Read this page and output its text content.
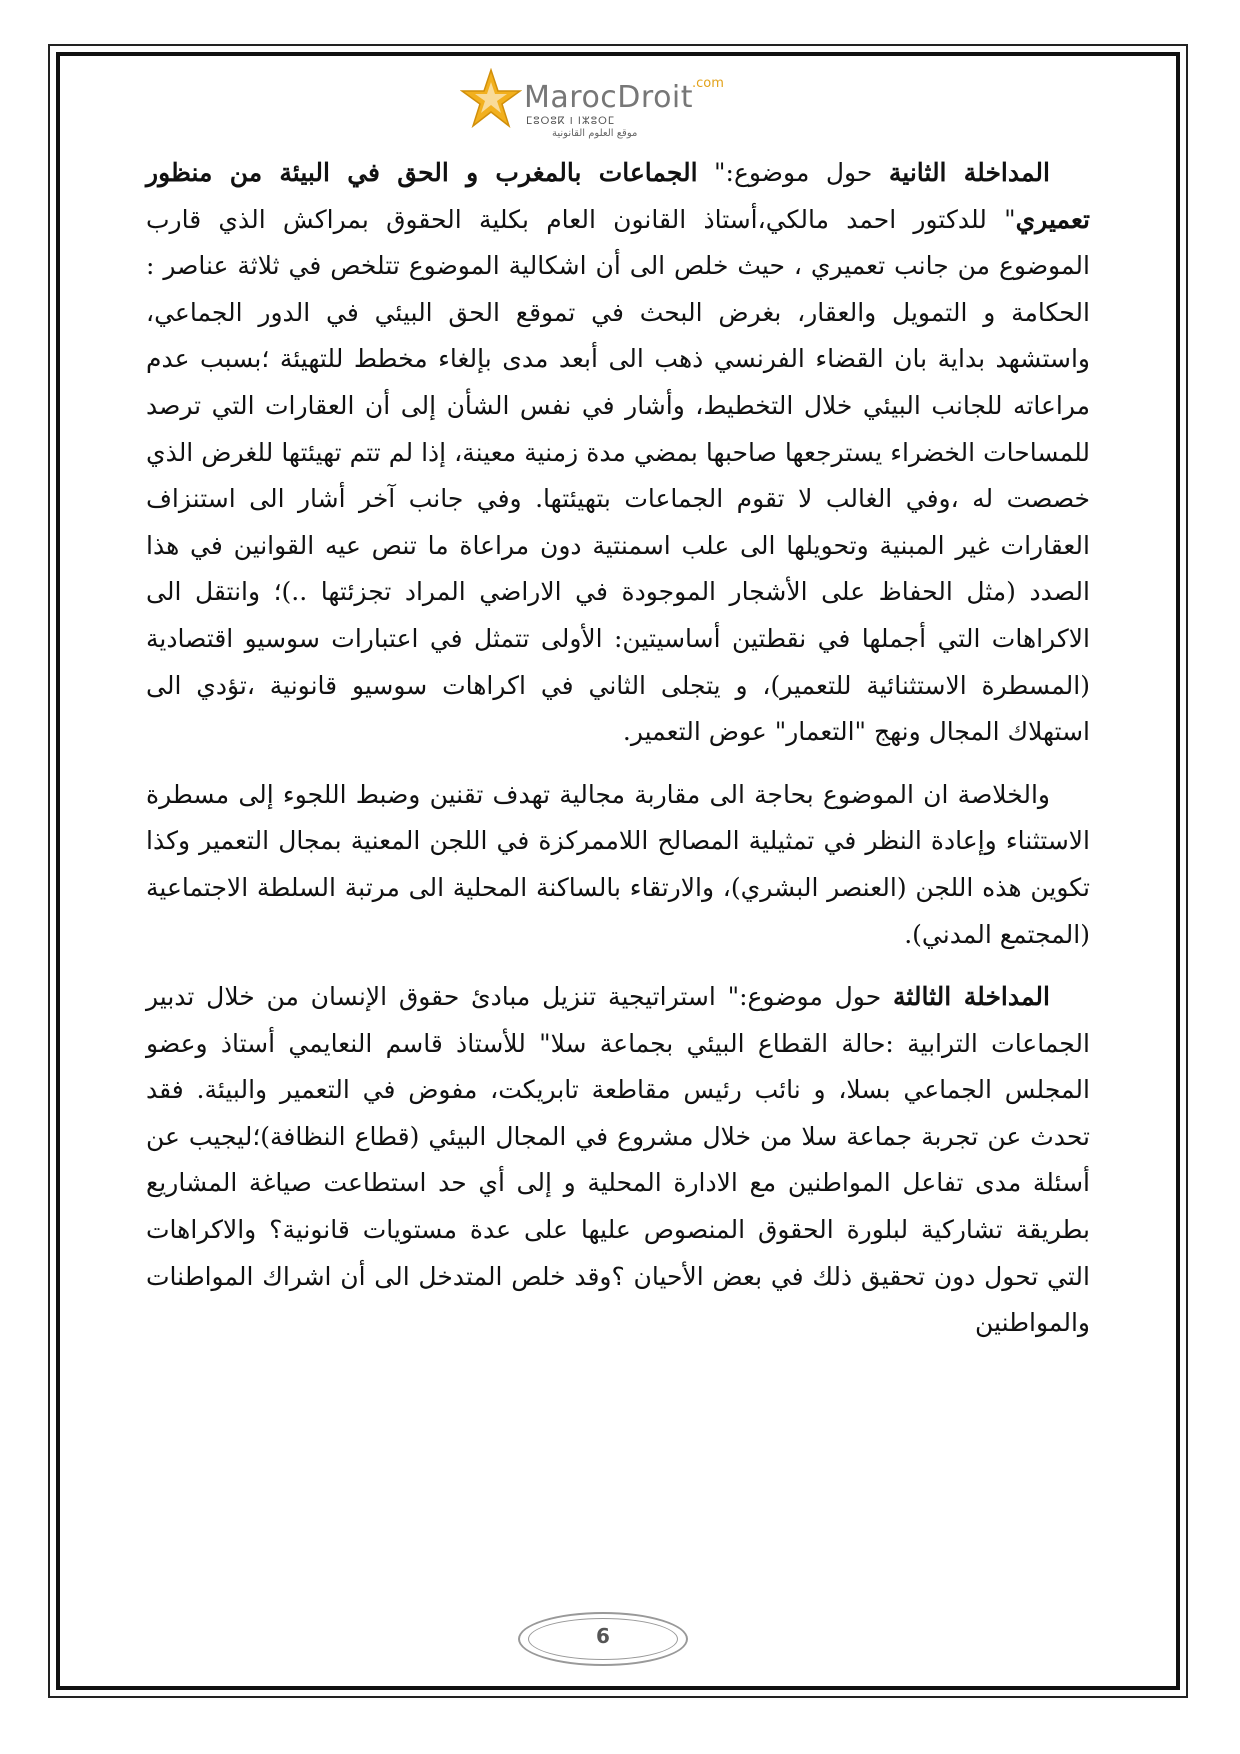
MarocDroit
.com
ⵎⵓⵔⵓⴽ I ⵏⵣⵓⵔⵎ
موقع العلوم القانونية

المداخلة الثانية حول موضوع:" الجماعات بالمغرب و الحق في البيئة من منظور تعميري" للدكتور احمد مالكي،أستاذ القانون العام بكلية الحقوق بمراكش الذي قارب الموضوع من جانب تعميري ، حيث خلص الى أن اشكالية الموضوع تتلخص في ثلاثة عناصر : الحكامة و التمويل والعقار، بغرض البحث في تموقع الحق البيئي في الدور الجماعي، واستشهد بداية بان القضاء الفرنسي ذهب الى أبعد مدى بإلغاء مخطط للتهيئة ؛بسبب عدم مراعاته للجانب البيئي خلال التخطيط، وأشار في نفس الشأن إلى أن العقارات التي ترصد للمساحات الخضراء يسترجعها صاحبها بمضي مدة زمنية معينة، إذا لم تتم تهيئتها للغرض الذي خصصت له ،وفي الغالب لا تقوم الجماعات بتهيئتها. وفي جانب آخر أشار الى استنزاف العقارات غير المبنية وتحويلها الى علب اسمنتية دون مراعاة ما تنص عيه القوانين في هذا الصدد (مثل الحفاظ على الأشجار الموجودة في الاراضي المراد تجزئتها ..)؛ وانتقل الى الاكراهات التي أجملها في نقطتين أساسيتين: الأولى تتمثل في اعتبارات سوسيو اقتصادية (المسطرة الاستثنائية للتعمير)، و يتجلى الثاني في اكراهات سوسيو قانونية ،تؤدي الى استهلاك المجال ونهج "التعمار" عوض التعمير.

والخلاصة ان الموضوع بحاجة الى مقاربة مجالية تهدف تقنين وضبط اللجوء إلى مسطرة الاستثناء وإعادة النظر في تمثيلية المصالح اللاممركزة في اللجن المعنية بمجال التعمير وكذا تكوين هذه اللجن (العنصر البشري)، والارتقاء بالساكنة المحلية الى مرتبة السلطة الاجتماعية (المجتمع المدني).

المداخلة الثالثة حول موضوع:" استراتيجية تنزيل مبادئ حقوق الإنسان من خلال تدبير الجماعات الترابية :حالة القطاع البيئي بجماعة سلا" للأستاذ قاسم النعايمي أستاذ وعضو المجلس الجماعي بسلا، و نائب رئيس مقاطعة تابريكت، مفوض في التعمير والبيئة. فقد تحدث عن تجربة جماعة سلا من خلال مشروع في المجال البيئي (قطاع النظافة)؛ليجيب عن أسئلة مدى تفاعل المواطنين مع الادارة المحلية و إلى أي حد استطاعت صياغة المشاريع بطريقة تشاركية لبلورة الحقوق المنصوص عليها على عدة مستويات قانونية؟ والاكراهات التي تحول دون تحقيق ذلك في بعض الأحيان ؟وقد خلص المتدخل الى أن اشراك المواطنات والمواطنين

6
